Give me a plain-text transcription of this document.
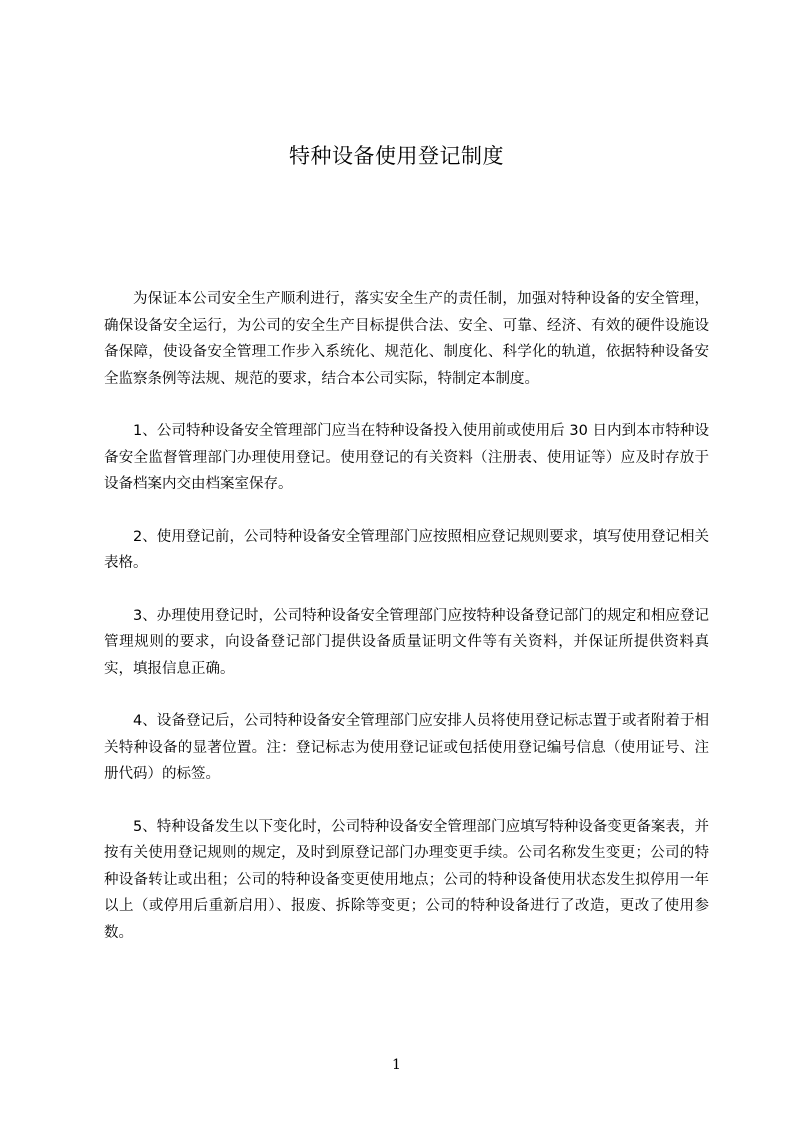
特种设备使用登记制度

为保证本公司安全生产顺利进行，落实安全生产的责任制，加强对特种设备的安全管理，确保设备安全运行，为公司的安全生产目标提供合法、安全、可靠、经济、有效的硬件设施设备保障，使设备安全管理工作步入系统化、规范化、制度化、科学化的轨道，依据特种设备安全监察条例等法规、规范的要求，结合本公司实际，特制定本制度。

1、公司特种设备安全管理部门应当在特种设备投入使用前或使用后 30 日内到本市特种设备安全监督管理部门办理使用登记。使用登记的有关资料（注册表、使用证等）应及时存放于设备档案内交由档案室保存。

2、使用登记前，公司特种设备安全管理部门应按照相应登记规则要求，填写使用登记相关表格。

3、办理使用登记时，公司特种设备安全管理部门应按特种设备登记部门的规定和相应登记管理规则的要求，向设备登记部门提供设备质量证明文件等有关资料，并保证所提供资料真实，填报信息正确。

4、设备登记后，公司特种设备安全管理部门应安排人员将使用登记标志置于或者附着于相关特种设备的显著位置。注：登记标志为使用登记证或包括使用登记编号信息（使用证号、注册代码）的标签。

5、特种设备发生以下变化时，公司特种设备安全管理部门应填写特种设备变更备案表，并按有关使用登记规则的规定，及时到原登记部门办理变更手续。公司名称发生变更；公司的特种设备转让或出租；公司的特种设备变更使用地点；公司的特种设备使用状态发生拟停用一年以上（或停用后重新启用）、报废、拆除等变更；公司的特种设备进行了改造，更改了使用参数。

1
